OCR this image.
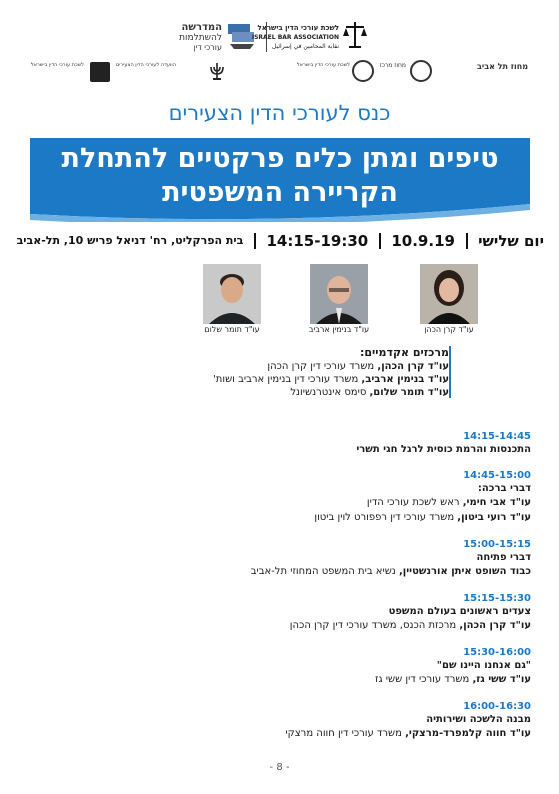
המדרשה
להשתלמות
עורכי דין
לשכת עורכי הדין בישראל
ISRAEL BAR ASSOCIATION
نقابة المحامين في إسرائيل
לשכת עורכי הדין בישראל	הוועדה לעורכי הדין הצעירים	לשכת עורכי הדין בישראל	מחוז מרכז	מחוז תל אביב
כנס לעורכי הדין הצעירים
טיפים ומתן כלים פרקטיים להתחלת
הקריירה המשפטית
יום שלישי  10.9.19  14:15-19:30  בית הפרקליט, רח' דניאל פריש 10, תל-אביב
עו"ד קרן הכהן
עו"ד בנימין ארביב
עו"ד תומר שלום
מרכזים אקדמיים:
עו"ד קרן הכהן, משרד עורכי דין קרן הכהן
עו"ד בנימין ארביב, משרד עורכי דין בנימין ארביב ושות'
עו"ד תומר שלום, סימס אינטרנשיונל
14:15-14:45
התכנסות והרמת כוסית לרגל חגי תשרי
14:45-15:00
דברי ברכה:
עו"ד אבי חימי, ראש לשכת עורכי הדין
עו"ד רועי ביטון, משרד עורכי דין רפפורט לוין ביטון
15:00-15:15
דברי פתיחה
כבוד השופט איתן אורנשטיין, נשיא בית המשפט המחוזי תל-אביב
15:15-15:30
צעדים ראשונים בעולם המשפט
עו"ד קרן הכהן, מרכזת הכנס, משרד עורכי דין קרן הכהן
15:30-16:00
"גם אנחנו היינו שם"
עו"ד ששי גז, משרד עורכי דין ששי גז
16:00-16:30
מבנה הלשכה ושירותיה
עו"ד חווה קלמפרד-מרצקי, משרד עורכי דין חווה מרצקי
- 8 -
